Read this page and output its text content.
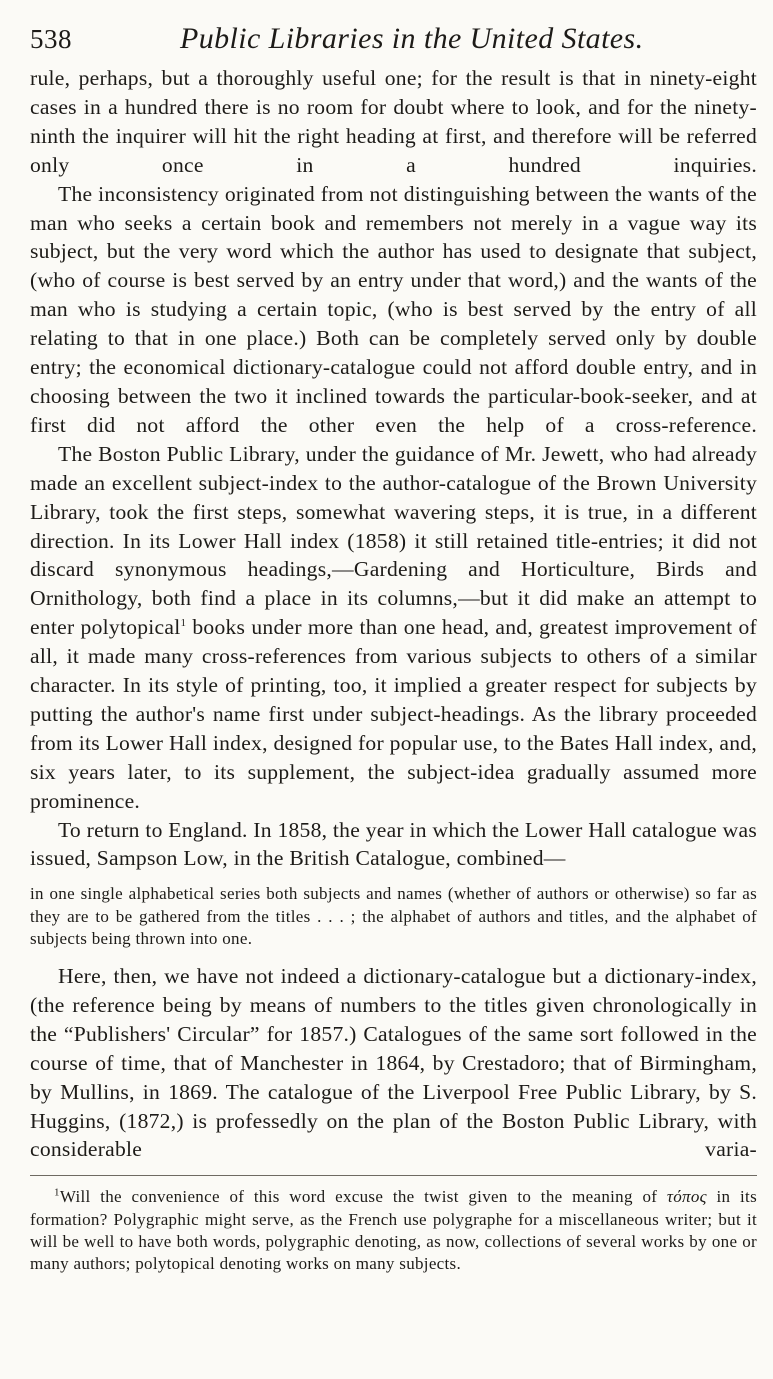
538	Public Libraries in the United States.

rule, perhaps, but a thoroughly useful one; for the result is that in ninety-eight cases in a hundred there is no room for doubt where to look, and for the ninety-ninth the inquirer will hit the right heading at first, and therefore will be referred only once in a hundred inquiries.

The inconsistency originated from not distinguishing between the wants of the man who seeks a certain book and remembers not merely in a vague way its subject, but the very word which the author has used to designate that subject, (who of course is best served by an entry under that word,) and the wants of the man who is studying a certain topic, (who is best served by the entry of all relating to that in one place.) Both can be completely served only by double entry; the economical dictionary-catalogue could not afford double entry, and in choosing between the two it inclined towards the particular-book-seeker, and at first did not afford the other even the help of a cross-reference.

The Boston Public Library, under the guidance of Mr. Jewett, who had already made an excellent subject-index to the author-catalogue of the Brown University Library, took the first steps, somewhat wavering steps, it is true, in a different direction. In its Lower Hall index (1858) it still retained title-entries; it did not discard synonymous headings,—Gardening and Horticulture, Birds and Ornithology, both find a place in its columns,—but it did make an attempt to enter polytopical$^1$ books under more than one head, and, greatest improvement of all, it made many cross-references from various subjects to others of a similar character. In its style of printing, too, it implied a greater respect for subjects by putting the author's name first under subject-headings. As the library proceeded from its Lower Hall index, designed for popular use, to the Bates Hall index, and, six years later, to its supplement, the subject-idea gradually assumed more prominence.

To return to England. In 1858, the year in which the Lower Hall catalogue was issued, Sampson Low, in the British Catalogue, combined—

in one single alphabetical series both subjects and names (whether of authors or otherwise) so far as they are to be gathered from the titles . . . ; the alphabet of authors and titles, and the alphabet of subjects being thrown into one.

Here, then, we have not indeed a dictionary-catalogue but a dictionary-index, (the reference being by means of numbers to the titles given chronologically in the “Publishers' Circular” for 1857.) Catalogues of the same sort followed in the course of time, that of Manchester in 1864, by Crestadoro; that of Birmingham, by Mullins, in 1869. The catalogue of the Liverpool Free Public Library, by S. Huggins, (1872,) is professedly on the plan of the Boston Public Library, with considerable varia-

$^1$Will the convenience of this word excuse the twist given to the meaning of τόπος in its formation? Polygraphic might serve, as the French use polygraphe for a miscellaneous writer; but it will be well to have both words, polygraphic denoting, as now, collections of several works by one or many authors; polytopical denoting works on many subjects.
